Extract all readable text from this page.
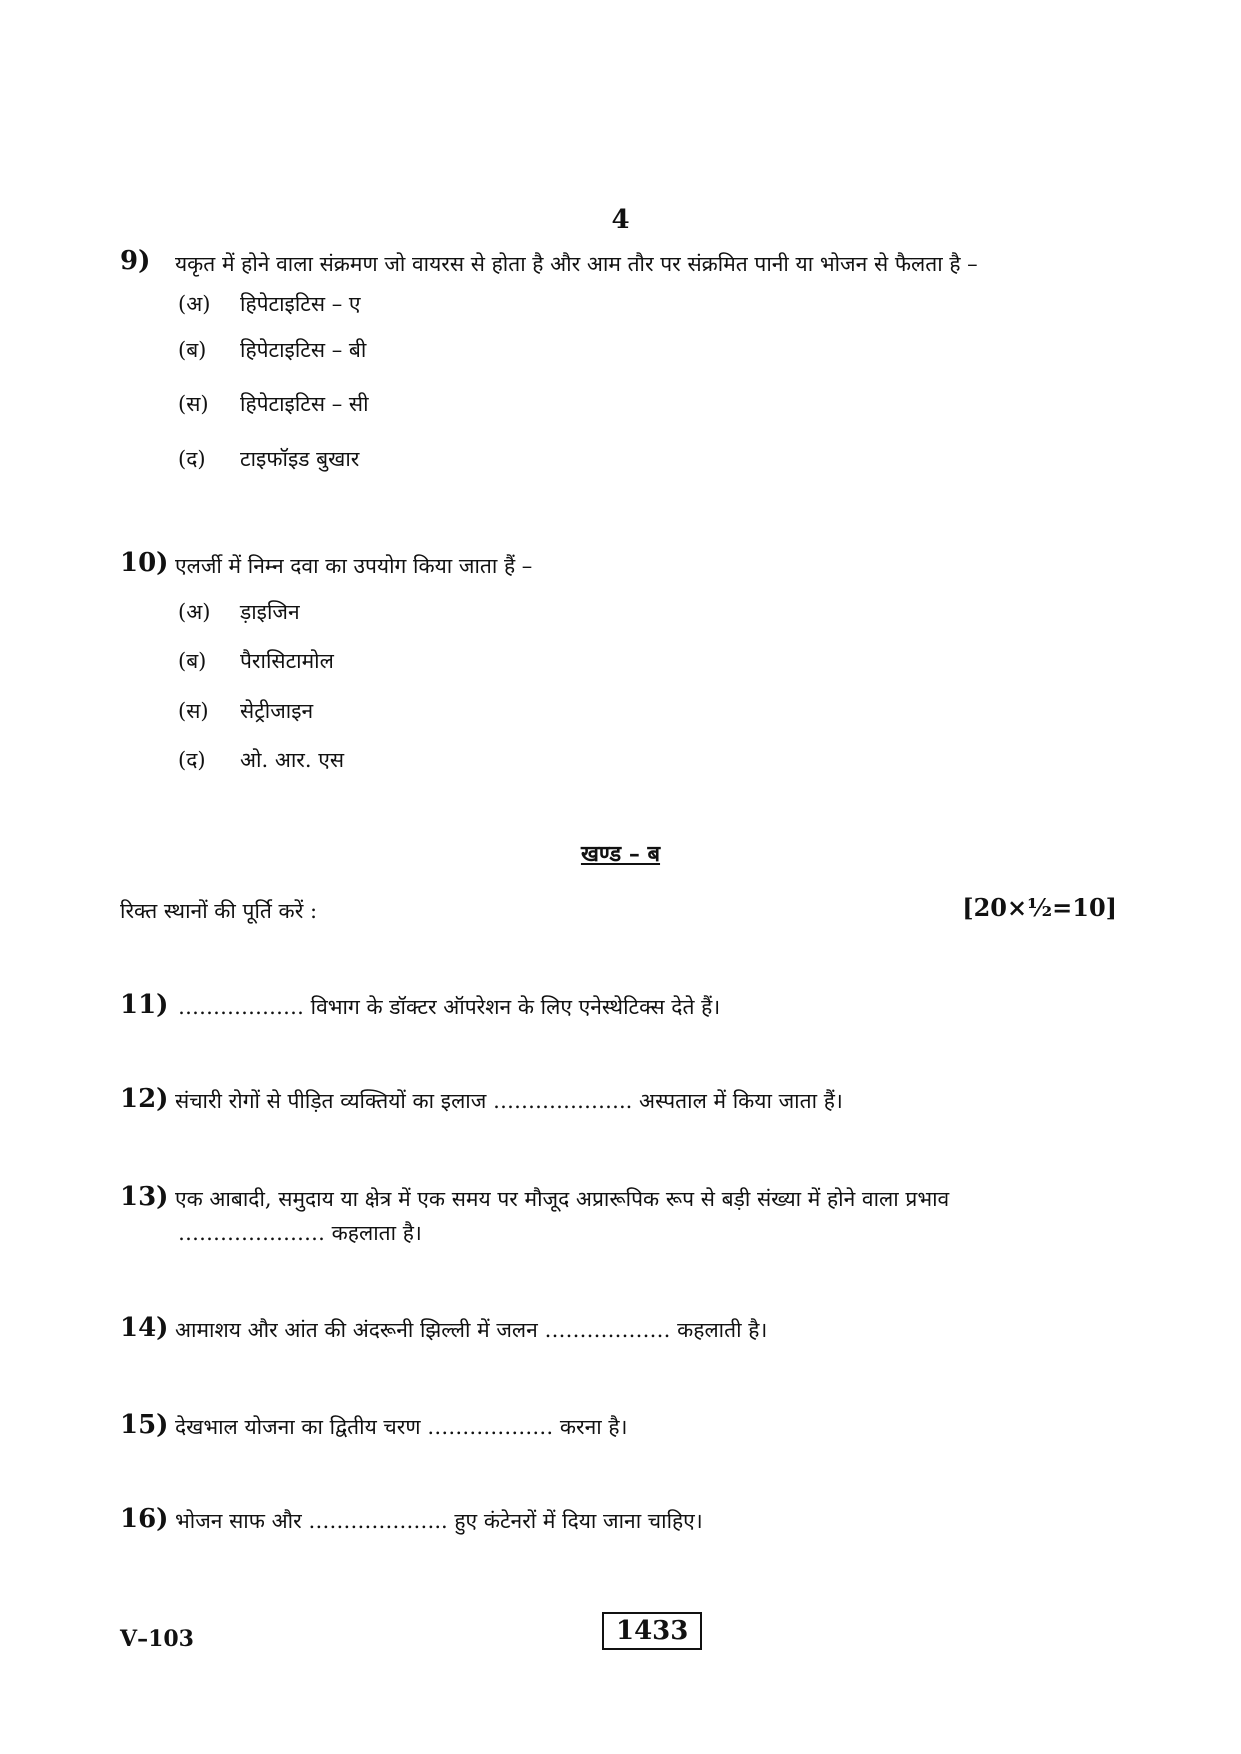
4
9) यकृत में होने वाला संक्रमण जो वायरस से होता है और आम तौर पर संक्रमित पानी या भोजन से फैलता है –
(अ) हिपेटाइटिस – ए
(ब) हिपेटाइटिस – बी
(स) हिपेटाइटिस – सी
(द) टाइफॉइड बुखार
10) एलर्जी में निम्न दवा का उपयोग किया जाता हैं –
(अ) ड़ाइजिन
(ब) पैरासिटामोल
(स) सेट्रीजाइन
(द) ओ. आर. एस
खण्ड – ब
रिक्त स्थानों की पूर्ति करें :	[20×½=10]
11) ……………… विभाग के डॉक्टर ऑपरेशन के लिए एनेस्थेटिक्स देते हैं।
12) संचारी रोगों से पीड़ित व्यक्तियों का इलाज ……………….. अस्पताल में किया जाता हैं।
13) एक आबादी, समुदाय या क्षेत्र में एक समय पर मौजूद अप्रारूपिक रूप से बड़ी संख्या में होने वाला प्रभाव
………………… कहलाता है।
14) आमाशय और आंत की अंदरूनी झिल्ली में जलन ……………… कहलाती है।
15) देखभाल योजना का द्वितीय चरण ……………… करना है।
16) भोजन साफ और ……………….. हुए कंटेनरों में दिया जाना चाहिए।
V–103	1433
